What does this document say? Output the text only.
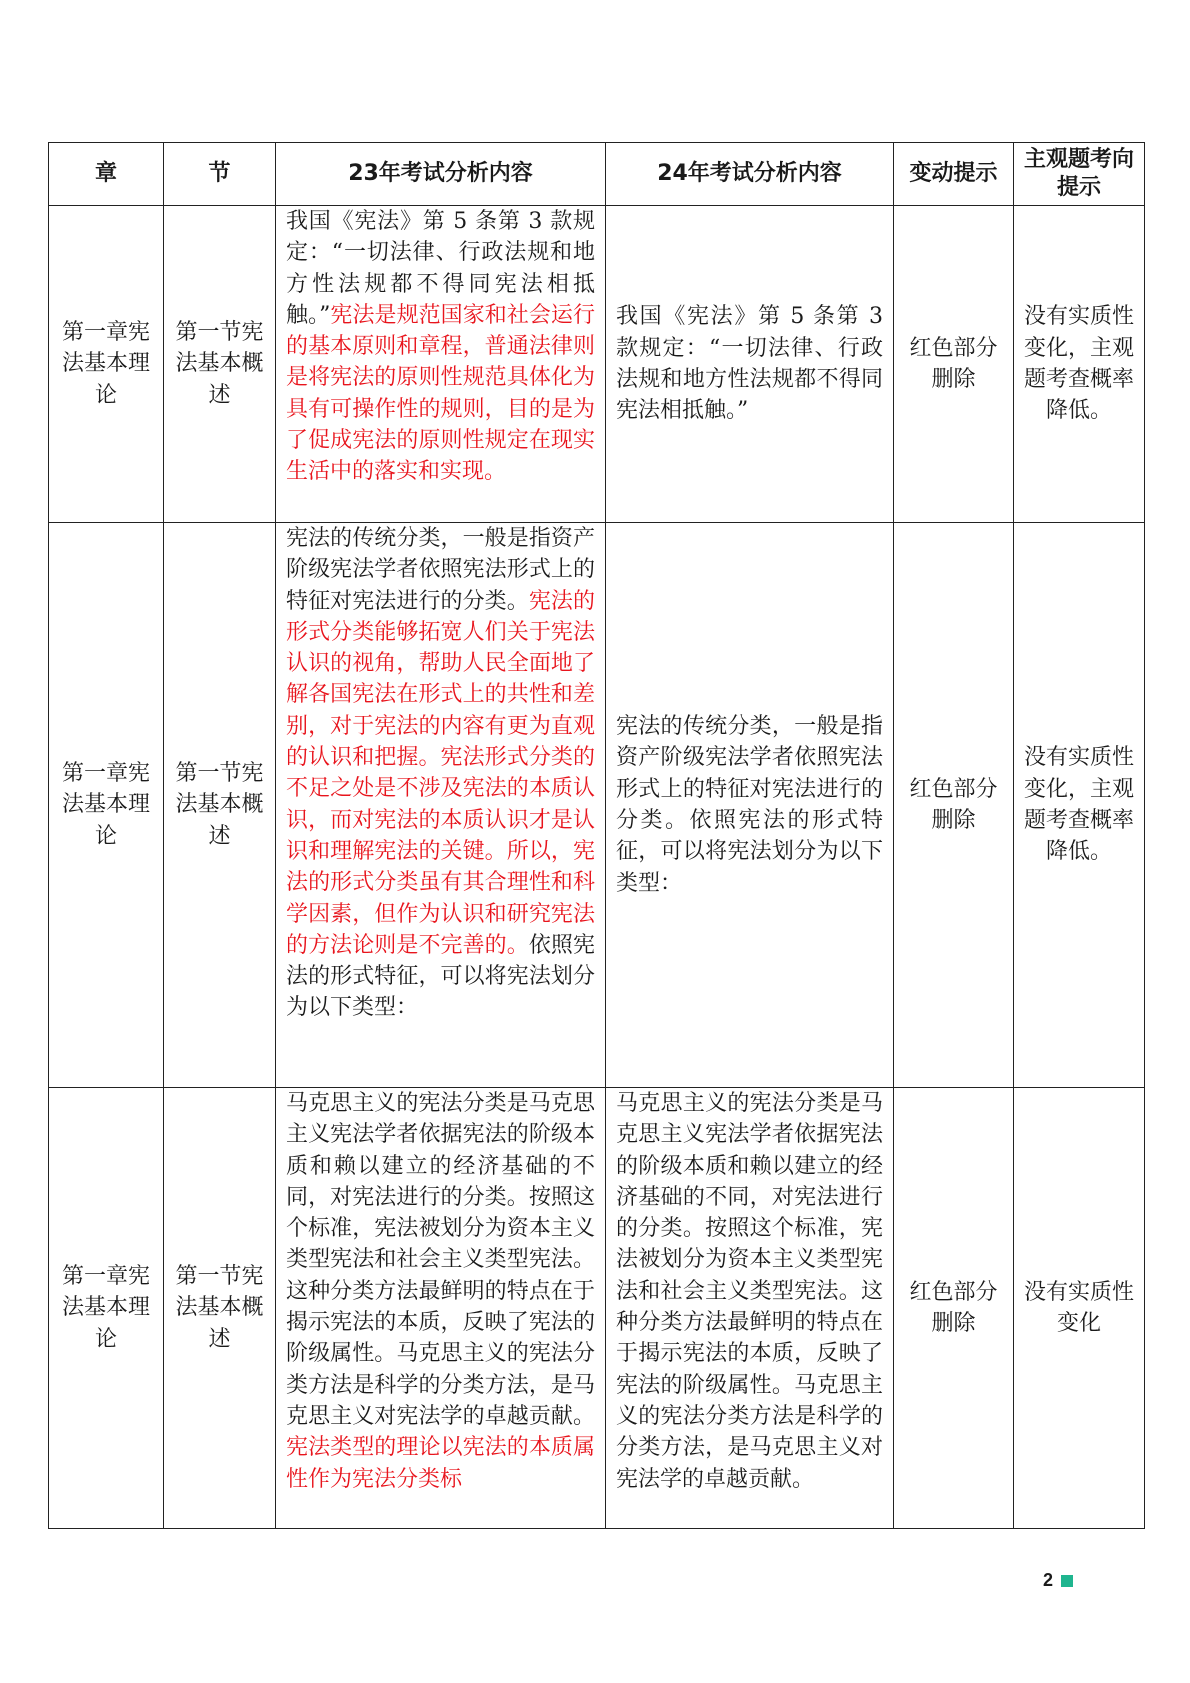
章	节	23年考试分析内容	24年考试分析内容	变动提示	主观题考向提示
第一章宪法基本理论	第一节宪法基本概述	我国《宪法》第 5 条第 3 款规定：“一切法律、行政法规和地方性法规都不得同宪法相抵触。”宪法是规范国家和社会运行的基本原则和章程，普通法律则是将宪法的原则性规范具体化为具有可操作性的规则，目的是为了促成宪法的原则性规定在现实生活中的落实和实现。	我国《宪法》第 5 条第 3 款规定：“一切法律、行政法规和地方性法规都不得同宪法相抵触。”	红色部分删除	没有实质性变化，主观题考查概率降低。
第一章宪法基本理论	第一节宪法基本概述	宪法的传统分类，一般是指资产阶级宪法学者依照宪法形式上的特征对宪法进行的分类。宪法的形式分类能够拓宽人们关于宪法认识的视角，帮助人民全面地了解各国宪法在形式上的共性和差别，对于宪法的内容有更为直观的认识和把握。宪法形式分类的不足之处是不涉及宪法的本质认识，而对宪法的本质认识才是认识和理解宪法的关键。所以，宪法的形式分类虽有其合理性和科学因素，但作为认识和研究宪法的方法论则是不完善的。依照宪法的形式特征，可以将宪法划分为以下类型：	宪法的传统分类，一般是指资产阶级宪法学者依照宪法形式上的特征对宪法进行的分类。依照宪法的形式特征，可以将宪法划分为以下类型：	红色部分删除	没有实质性变化，主观题考查概率降低。
第一章宪法基本理论	第一节宪法基本概述	马克思主义的宪法分类是马克思主义宪法学者依据宪法的阶级本质和赖以建立的经济基础的不同，对宪法进行的分类。按照这个标准，宪法被划分为资本主义类型宪法和社会主义类型宪法。这种分类方法最鲜明的特点在于揭示宪法的本质，反映了宪法的阶级属性。马克思主义的宪法分类方法是科学的分类方法，是马克思主义对宪法学的卓越贡献。宪法类型的理论以宪法的本质属性作为宪法分类标	马克思主义的宪法分类是马克思主义宪法学者依据宪法的阶级本质和赖以建立的经济基础的不同，对宪法进行的分类。按照这个标准，宪法被划分为资本主义类型宪法和社会主义类型宪法。这种分类方法最鲜明的特点在于揭示宪法的本质，反映了宪法的阶级属性。马克思主义的宪法分类方法是科学的分类方法，是马克思主义对宪法学的卓越贡献。	红色部分删除	没有实质性变化
2
